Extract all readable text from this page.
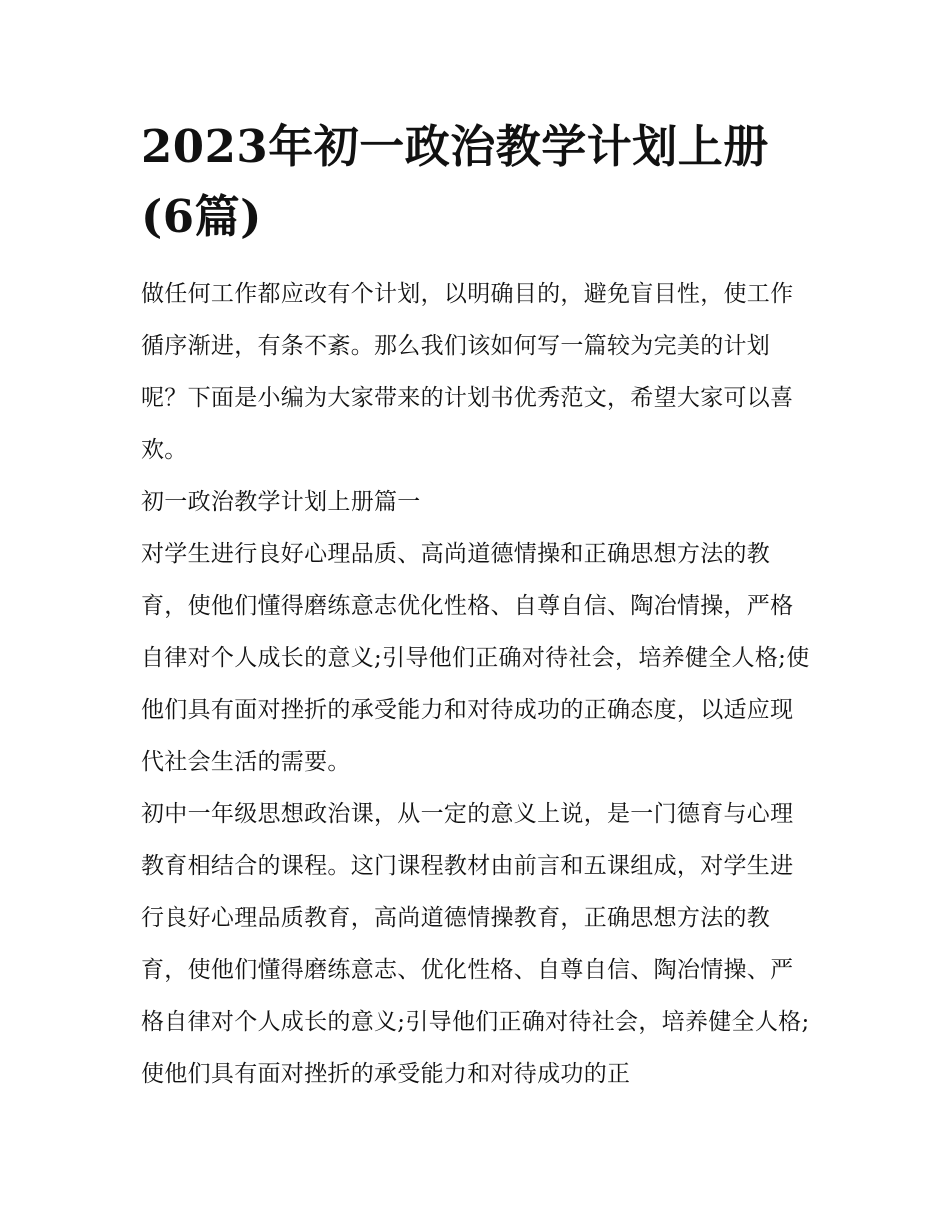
2023年初一政治教学计划上册(6篇)

做任何工作都应改有个计划，以明确目的，避免盲目性，使工作循序渐进，有条不紊。那么我们该如何写一篇较为完美的计划呢？下面是小编为大家带来的计划书优秀范文，希望大家可以喜欢。

初一政治教学计划上册篇一

对学生进行良好心理品质、高尚道德情操和正确思想方法的教育，使他们懂得磨练意志优化性格、自尊自信、陶冶情操，严格自律对个人成长的意义;引导他们正确对待社会，培养健全人格;使他们具有面对挫折的承受能力和对待成功的正确态度，以适应现代社会生活的需要。

初中一年级思想政治课，从一定的意义上说，是一门德育与心理教育相结合的课程。这门课程教材由前言和五课组成，对学生进行良好心理品质教育，高尚道德情操教育，正确思想方法的教育，使他们懂得磨练意志、优化性格、自尊自信、陶冶情操、严格自律对个人成长的意义;引导他们正确对待社会，培养健全人格;使他们具有面对挫折的承受能力和对待成功的正
